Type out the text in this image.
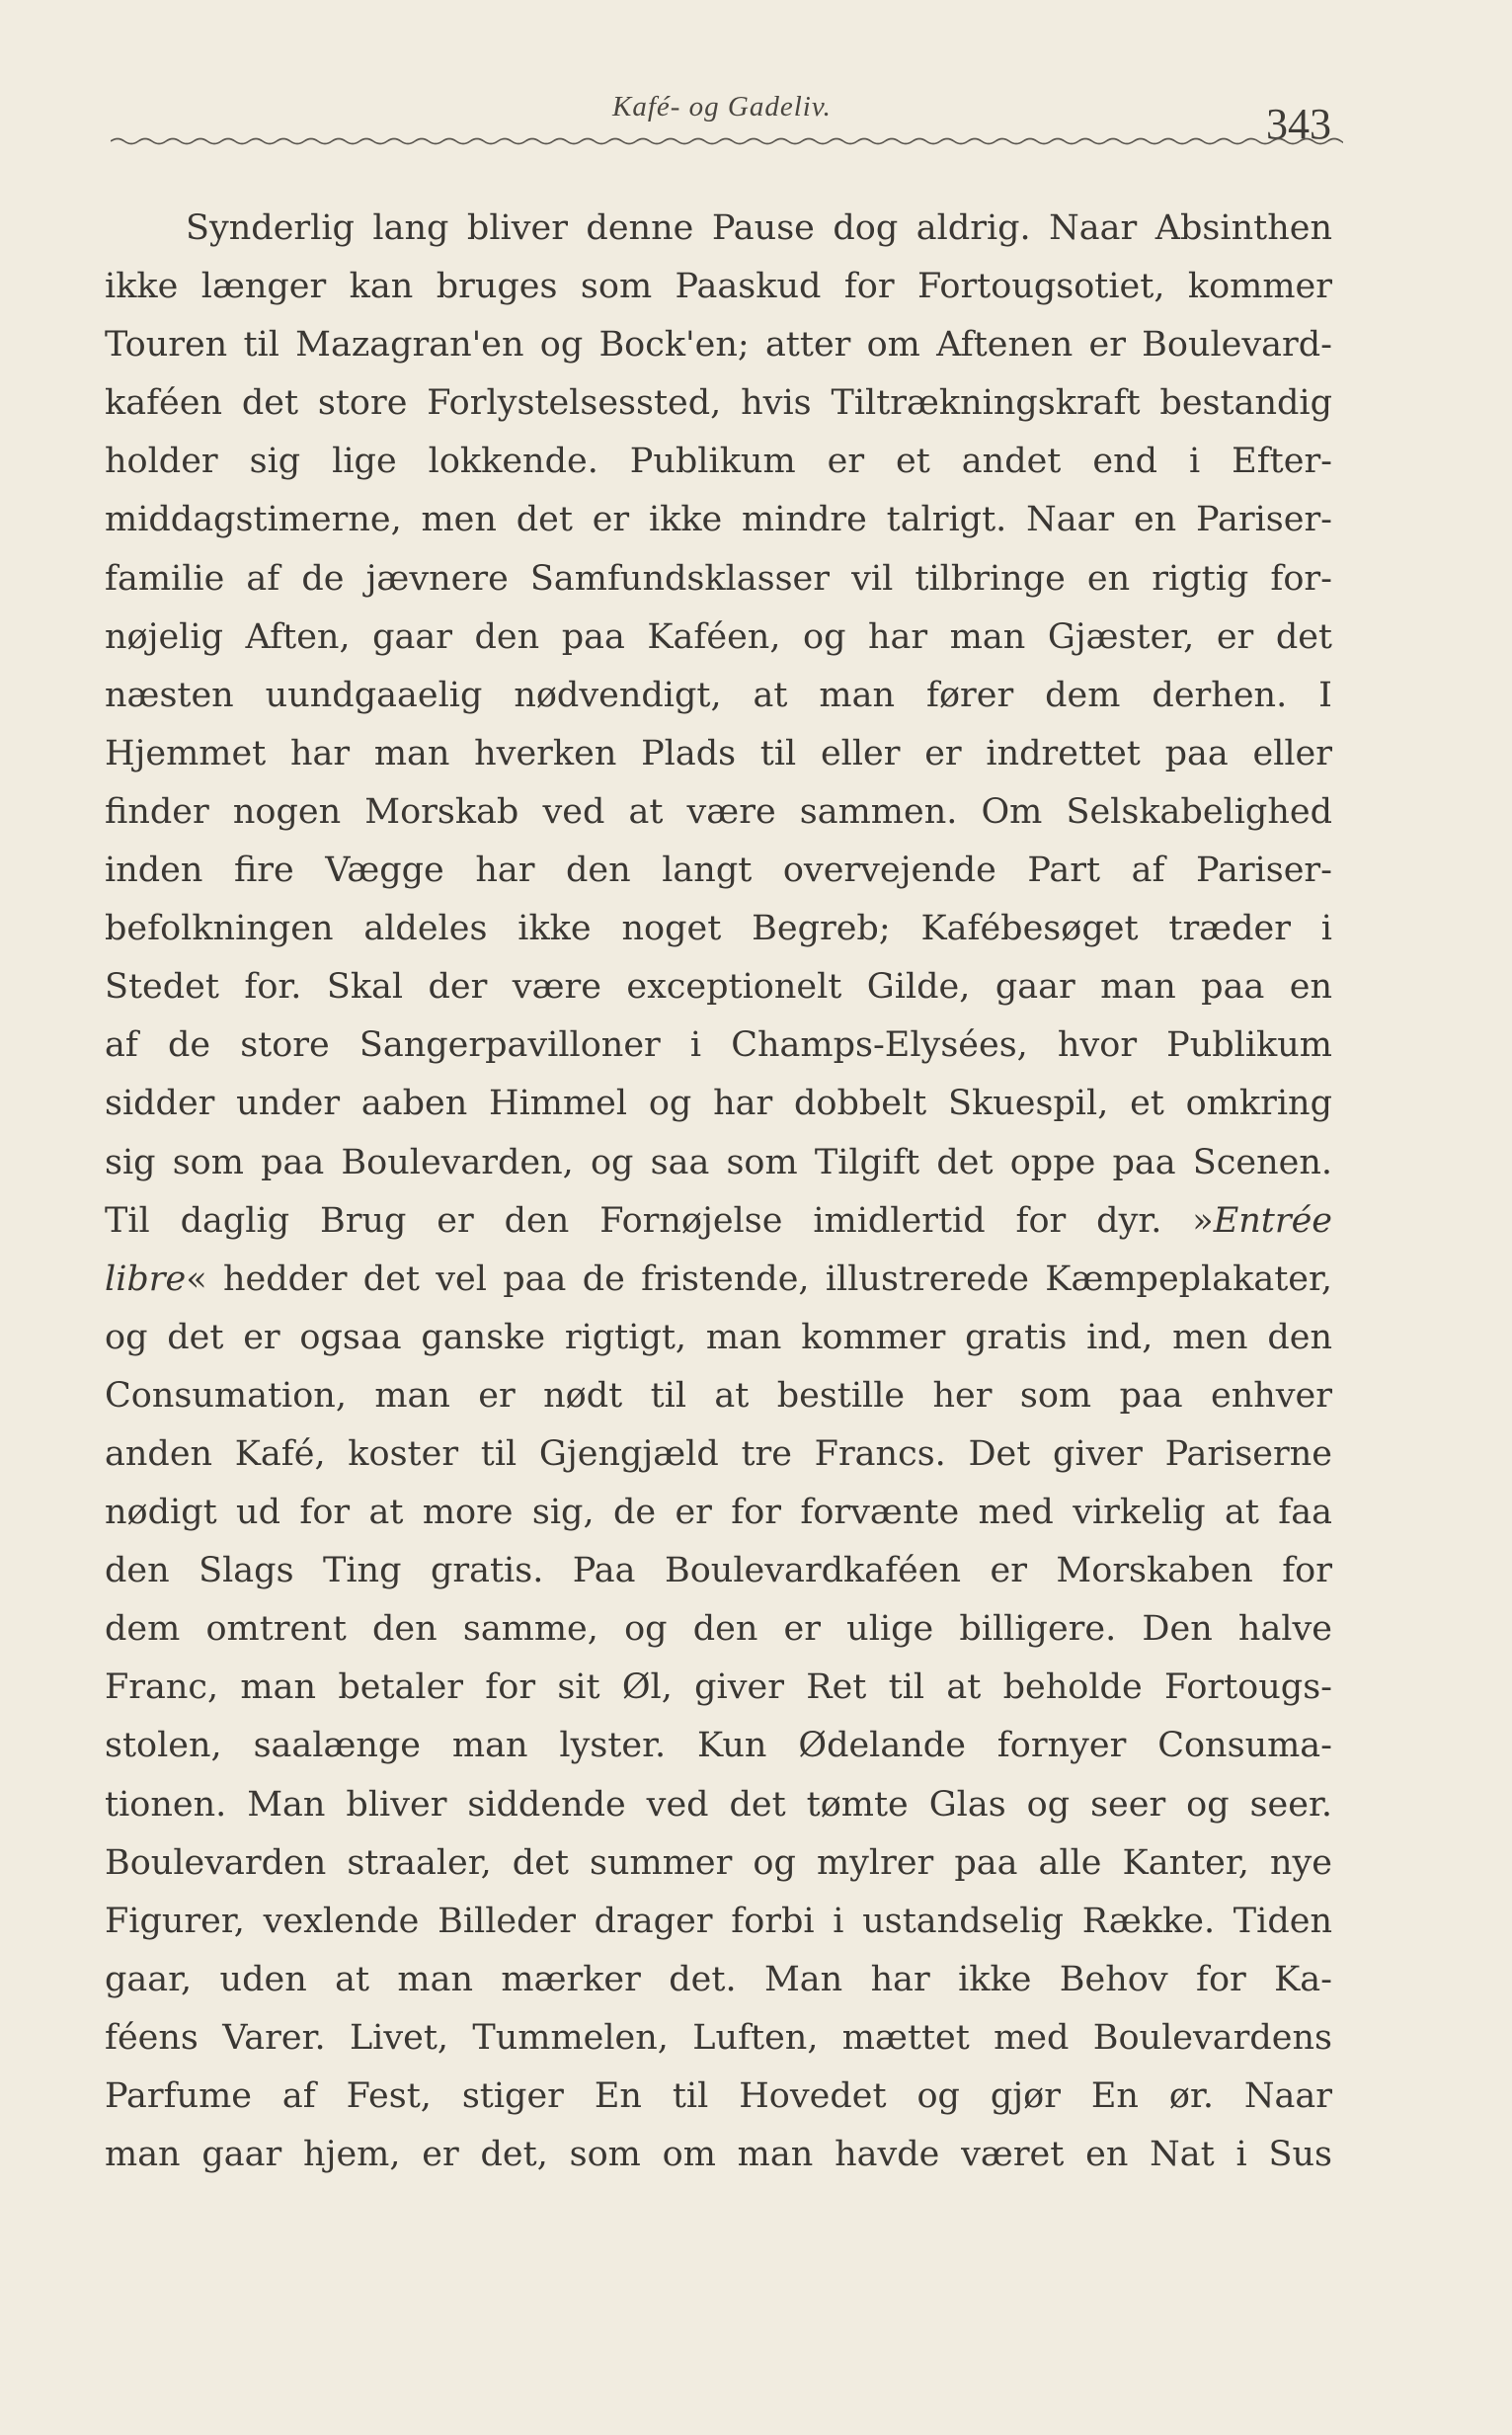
Kafé- og Gadeliv.	343
Synderlig lang bliver denne Pause dog aldrig. Naar Absinthen
ikke længer kan bruges som Paaskud for Fortougsotiet, kommer
Touren til Mazagran'en og Bock'en; atter om Aftenen er Boulevard-
kaféen det store Forlystelsessted, hvis Tiltrækningskraft bestandig
holder sig lige lokkende. Publikum er et andet end i Efter-
middagstimerne, men det er ikke mindre talrigt. Naar en Pariser-
familie af de jævnere Samfundsklasser vil tilbringe en rigtig for-
nøjelig Aften, gaar den paa Kaféen, og har man Gjæster, er det
næsten uundgaaelig nødvendigt, at man fører dem derhen. I
Hjemmet har man hverken Plads til eller er indrettet paa eller
finder nogen Morskab ved at være sammen. Om Selskabelighed
inden fire Vægge har den langt overvejende Part af Pariser-
befolkningen aldeles ikke noget Begreb; Kafébesøget træder i
Stedet for. Skal der være exceptionelt Gilde, gaar man paa en
af de store Sangerpavilloner i Champs-Elysées, hvor Publikum
sidder under aaben Himmel og har dobbelt Skuespil, et omkring
sig som paa Boulevarden, og saa som Tilgift det oppe paa Scenen.
Til daglig Brug er den Fornøjelse imidlertid for dyr. »Entrée
libre« hedder det vel paa de fristende, illustrerede Kæmpeplakater,
og det er ogsaa ganske rigtigt, man kommer gratis ind, men den
Consumation, man er nødt til at bestille her som paa enhver
anden Kafé, koster til Gjengjæld tre Francs. Det giver Pariserne
nødigt ud for at more sig, de er for forvænte med virkelig at faa
den Slags Ting gratis. Paa Boulevardkaféen er Morskaben for
dem omtrent den samme, og den er ulige billigere. Den halve
Franc, man betaler for sit Øl, giver Ret til at beholde Fortougs-
stolen, saalænge man lyster. Kun Ødelande fornyer Consuma-
tionen. Man bliver siddende ved det tømte Glas og seer og seer.
Boulevarden straaler, det summer og mylrer paa alle Kanter, nye
Figurer, vexlende Billeder drager forbi i ustandselig Række. Tiden
gaar, uden at man mærker det. Man har ikke Behov for Ka-
féens Varer. Livet, Tummelen, Luften, mættet med Boulevardens
Parfume af Fest, stiger En til Hovedet og gjør En ør. Naar
man gaar hjem, er det, som om man havde været en Nat i Sus
